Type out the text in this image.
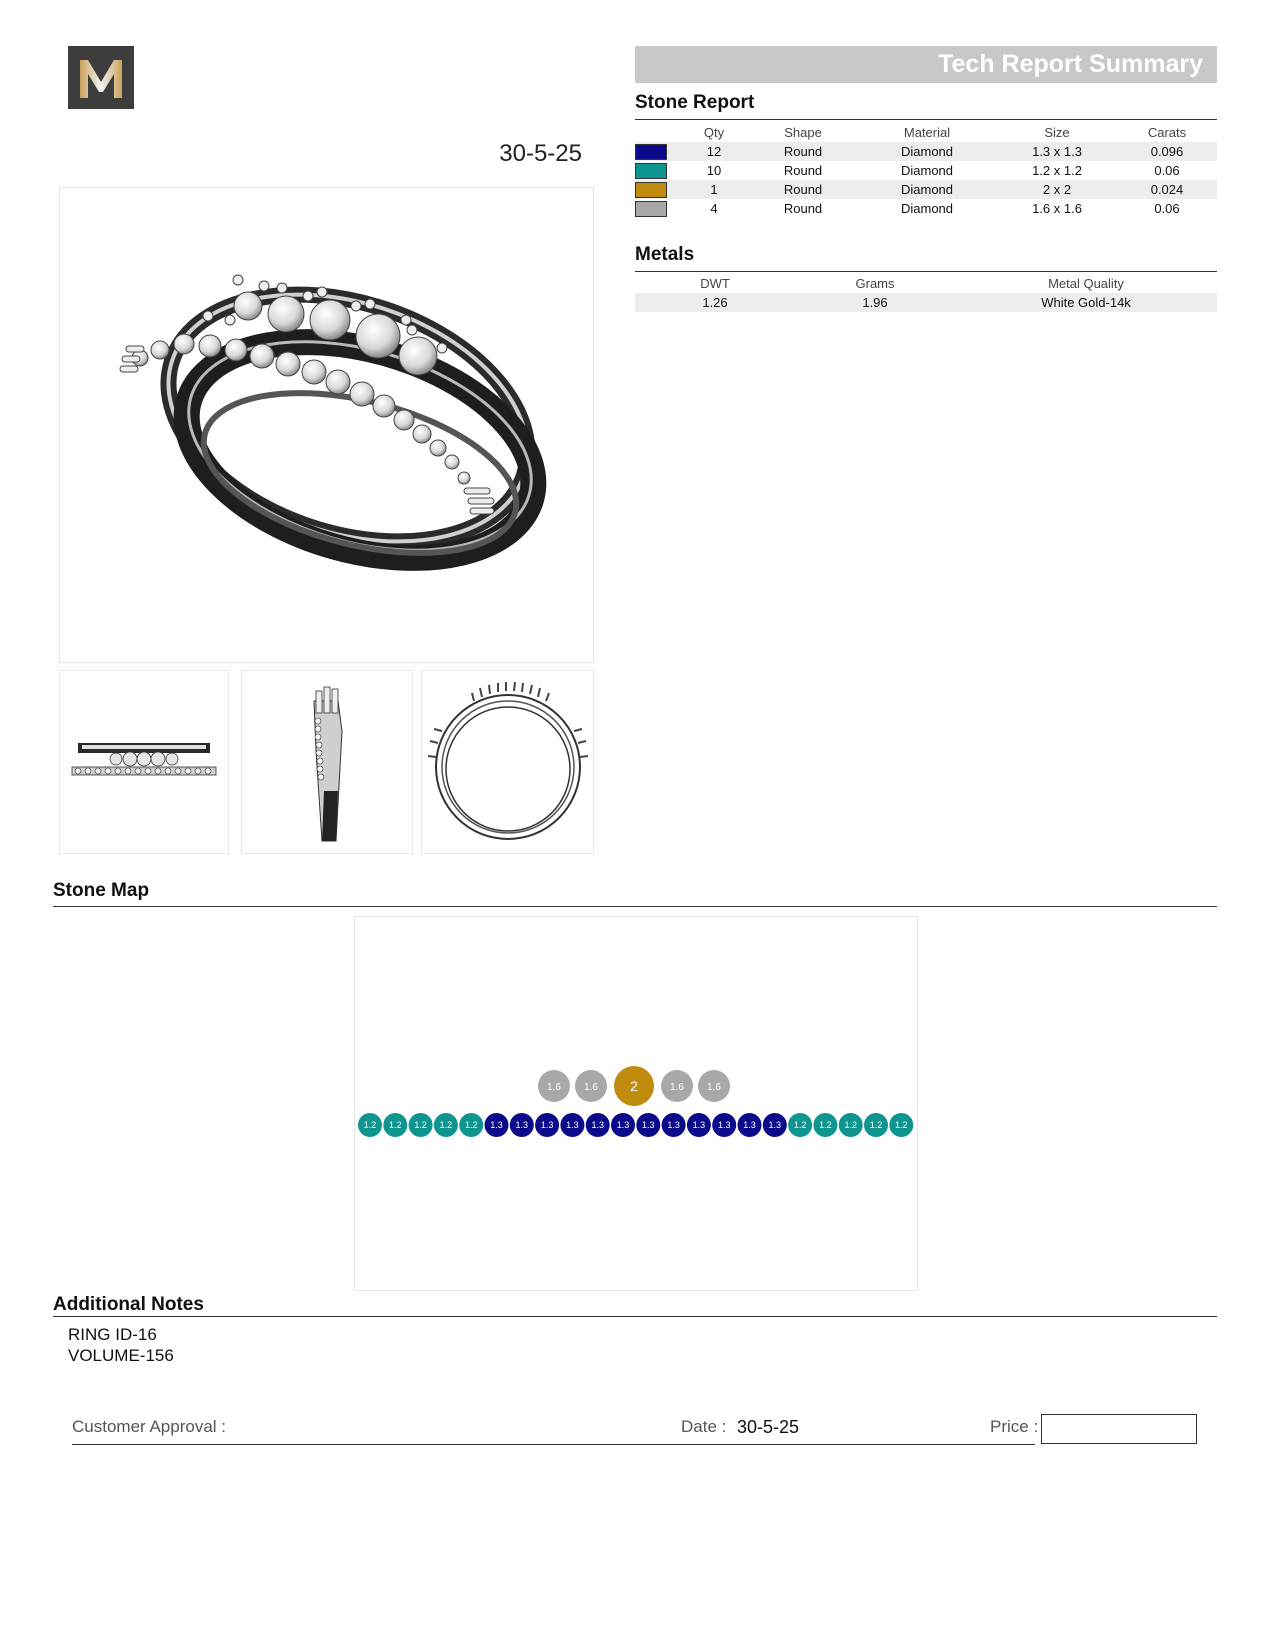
30-5-25
Tech Report Summary
Stone Report
	Qty	Shape	Material	Size	Carats
	12	Round	Diamond	1.3 x 1.3	0.096
	10	Round	Diamond	1.2 x 1.2	0.06
	1	Round	Diamond	2 x 2	0.024
	4	Round	Diamond	1.6 x 1.6	0.06
Metals
DWT	Grams	Metal Quality
1.26	1.96	White Gold-14k
Stone Map
1.6 1.6 2	1.6 1.6
1.2 1.2 1.2 1.2 1.2 1.3 1.3 1.3 1.3 1.3 1.3 1.3 1.3 1.3 1.3 1.3 1.3 1.2 1.2 1.2 1.2 1.2
Additional Notes
RING ID-16
VOLUME-156
Customer Approval :	Date : 30-5-25	Price :
